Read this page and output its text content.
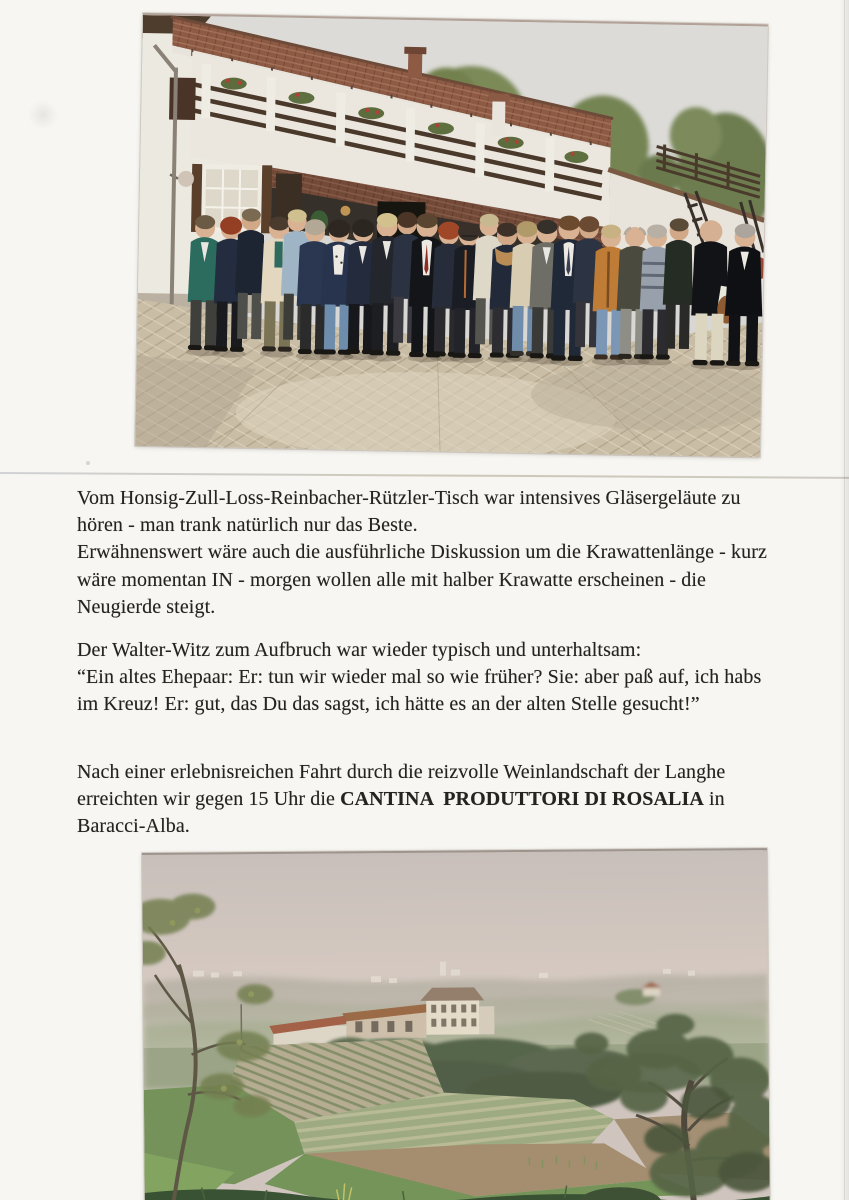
Vom Honsig-Zull-Loss-Reinbacher-Rützler-Tisch war intensives Gläsergeläute zu
hören - man trank natürlich nur das Beste.
Erwähnenswert wäre auch die ausführliche Diskussion um die Krawattenlänge - kurz
wäre momentan IN - morgen wollen alle mit halber Krawatte erscheinen - die
Neugierde steigt.

Der Walter-Witz zum Aufbruch war wieder typisch und unterhaltsam:
“Ein altes Ehepaar: Er: tun wir wieder mal so wie früher? Sie: aber paß auf, ich habs
im Kreuz! Er: gut, das Du das sagst, ich hätte es an der alten Stelle gesucht!”

Nach einer erlebnisreichen Fahrt durch die reizvolle Weinlandschaft der Langhe
erreichten wir gegen 15 Uhr die CANTINA  PRODUTTORI DI ROSALIA in
Baracci-Alba.
